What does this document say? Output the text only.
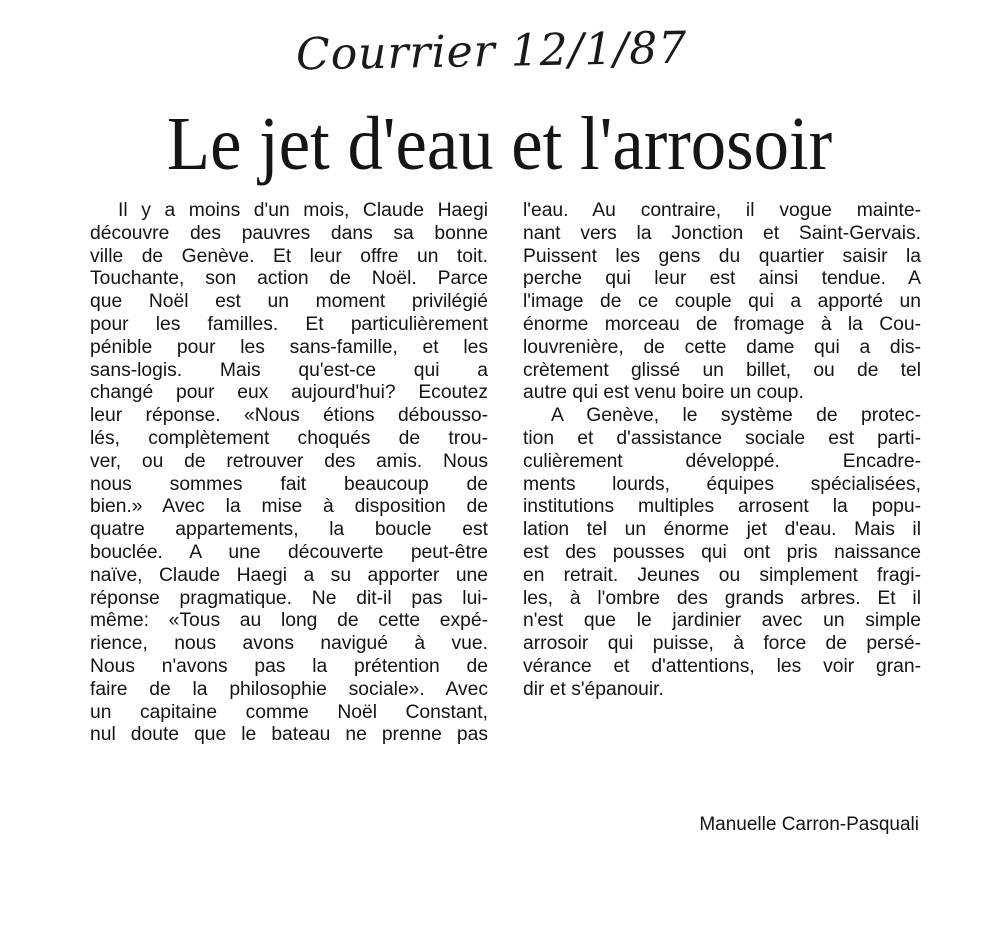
Courrier 12/1/87
Le jet d'eau et l'arrosoir
Il y a moins d'un mois, Claude Haegi
découvre des pauvres dans sa bonne
ville de Genève. Et leur offre un toit.
Touchante, son action de Noël. Parce
que Noël est un moment privilégié
pour les familles. Et particulièrement
pénible pour les sans-famille, et les
sans-logis. Mais qu'est-ce qui a
changé pour eux aujourd'hui? Ecoutez
leur réponse. «Nous étions déboussо-
lés, complètement choqués de trou-
ver, ou de retrouver des amis. Nous
nous sommes fait beaucoup de
bien.» Avec la mise à disposition de
quatre appartements, la boucle est
bouclée. A une découverte peut-être
naïve, Claude Haegi a su apporter une
réponse pragmatique. Ne dit-il pas lui-
même: «Tous au long de cette expé-
rience, nous avons navigué à vue.
Nous n'avons pas la prétention de
faire de la philosophie sociale». Avec
un capitaine comme Noël Constant,
nul doute que le bateau ne prenne pas
l'eau. Au contraire, il vogue mainte-
nant vers la Jonction et Saint-Gervais.
Puissent les gens du quartier saisir la
perche qui leur est ainsi tendue. A
l'image de ce couple qui a apporté un
énorme morceau de fromage à la Cou-
louvrenière, de cette dame qui a dis-
crètement glissé un billet, ou de tel
autre qui est venu boire un coup.
A Genève, le système de protec-
tion et d'assistance sociale est parti-
culièrement développé. Encadre-
ments lourds, équipes spécialisées,
institutions multiples arrosent la popu-
lation tel un énorme jet d'eau. Mais il
est des pousses qui ont pris naissance
en retrait. Jeunes ou simplement fragi-
les, à l'ombre des grands arbres. Et il
n'est que le jardinier avec un simple
arrosoir qui puisse, à force de persé-
vérance et d'attentions, les voir gran-
dir et s'épanouir.
Manuelle Carron-Pasquali
